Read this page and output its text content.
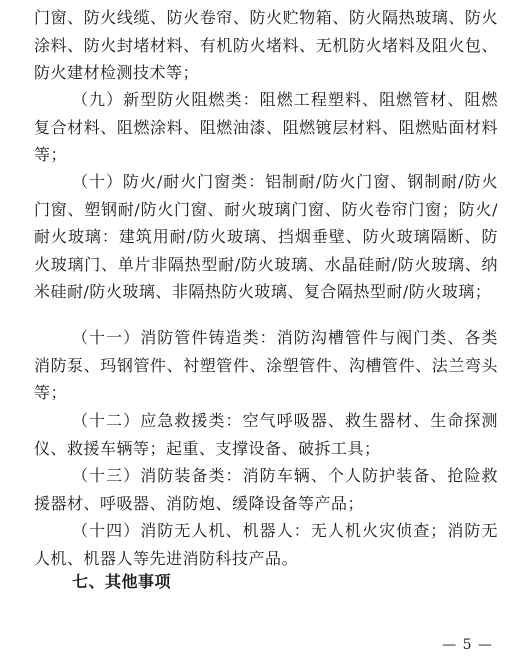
门窗、防火线缆、防火卷帘、防火贮物箱、防火隔热玻璃、防火涂料、防火封堵材料、有机防火堵料、无机防火堵料及阻火包、防火建材检测技术等；

（九）新型防火阻燃类：阻燃工程塑料、阻燃管材、阻燃复合材料、阻燃涂料、阻燃油漆、阻燃镀层材料、阻燃贴面材料等；

（十）防火/耐火门窗类：铝制耐/防火门窗、钢制耐/防火门窗、塑钢耐/防火门窗、耐火玻璃门窗、防火卷帘门窗；防火/耐火玻璃：建筑用耐/防火玻璃、挡烟垂壁、防火玻璃隔断、防火玻璃门、单片非隔热型耐/防火玻璃、水晶硅耐/防火玻璃、纳米硅耐/防火玻璃、非隔热防火玻璃、复合隔热型耐/防火玻璃；

（十一）消防管件铸造类：消防沟槽管件与阀门类、各类消防泵、玛钢管件、衬塑管件、涂塑管件、沟槽管件、法兰弯头等；

（十二）应急救援类：空气呼吸器、救生器材、生命探测仪、救援车辆等；起重、支撑设备、破拆工具；

（十三）消防装备类：消防车辆、个人防护装备、抢险救援器材、呼吸器、消防炮、缓降设备等产品；

（十四）消防无人机、机器人：无人机火灾侦查；消防无人机、机器人等先进消防科技产品。

七、其他事项
— 5 —
